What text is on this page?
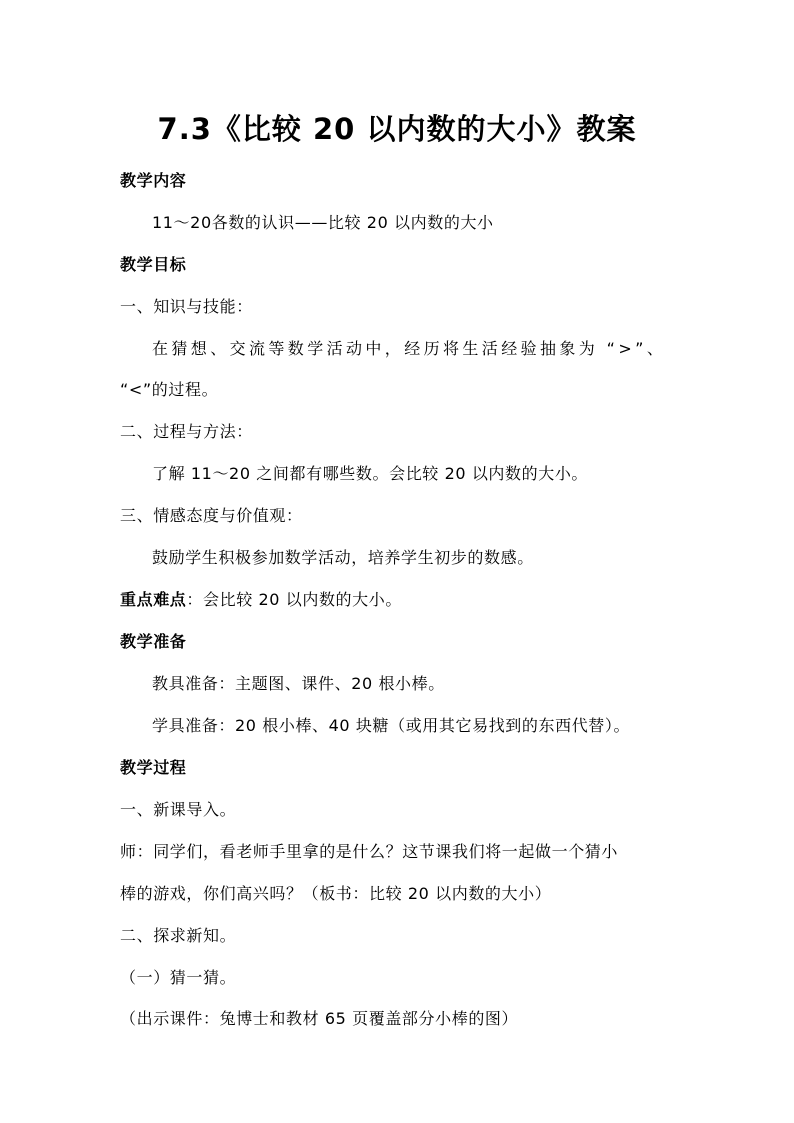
7.3《比较 20 以内数的大小》教案
教学内容
11～20各数的认识——比较 20 以内数的大小
教学目标
一、知识与技能：
在猜想、交流等数学活动中，经历将生活经验抽象为 “>”、
“<”的过程。
二、过程与方法：
了解 11～20 之间都有哪些数。会比较 20 以内数的大小。
三、情感态度与价值观：
鼓励学生积极参加数学活动，培养学生初步的数感。
重点难点：会比较 20 以内数的大小。
教学准备
教具准备：主题图、课件、20 根小棒。
学具准备：20 根小棒、40 块糖（或用其它易找到的东西代替）。
教学过程
一、新课导入。
师：同学们，看老师手里拿的是什么？这节课我们将一起做一个猜小
棒的游戏，你们高兴吗？（板书：比较 20 以内数的大小）
二、探求新知。
（一）猜一猜。
（出示课件：兔博士和教材 65 页覆盖部分小棒的图）
